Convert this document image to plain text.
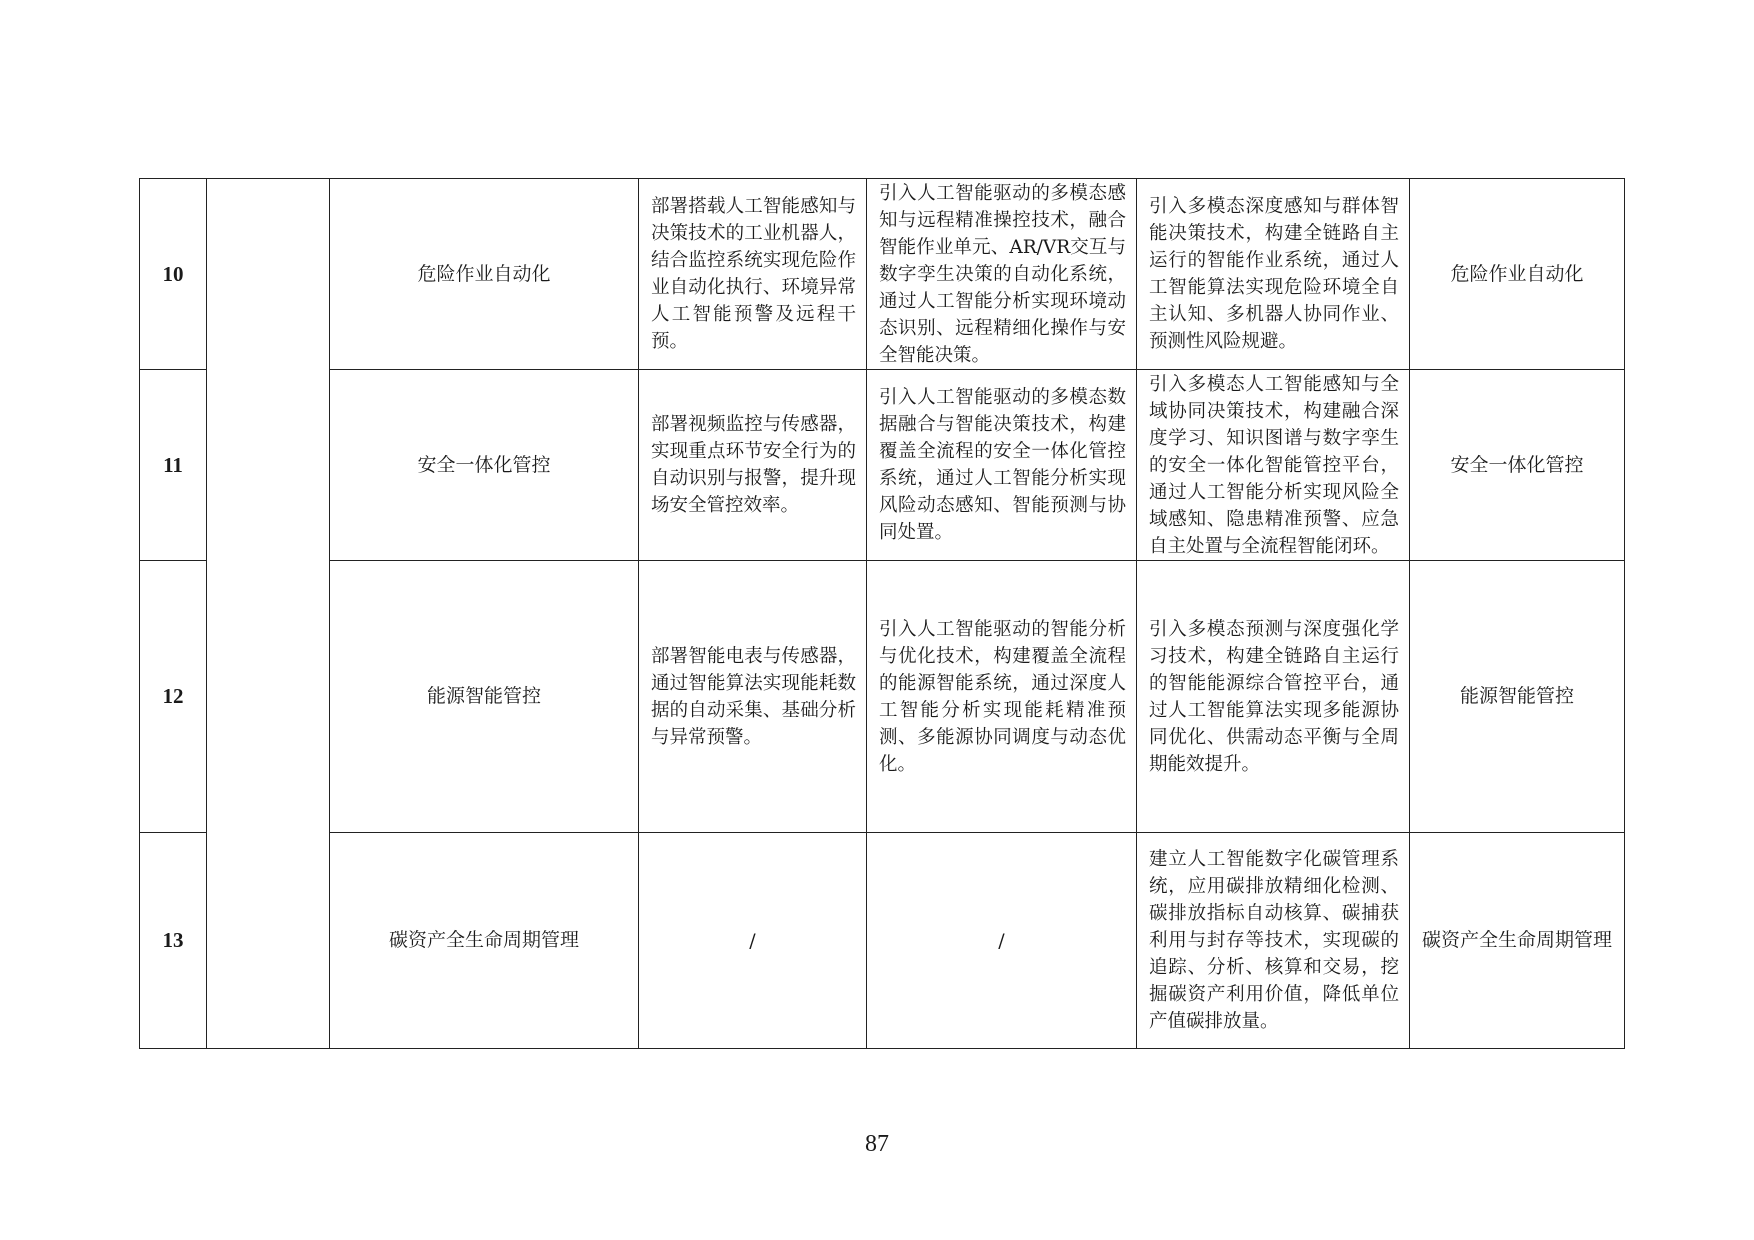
10		危险作业自动化	部署搭载人工智能感知与决策技术的工业机器人，结合监控系统实现危险作业自动化执行、环境异常人工智能预警及远程干预。	引入人工智能驱动的多模态感知与远程精准操控技术，融合智能作业单元、AR/VR交互与数字孪生决策的自动化系统，通过人工智能分析实现环境动态识别、远程精细化操作与安全智能决策。	引入多模态深度感知与群体智能决策技术，构建全链路自主运行的智能作业系统，通过人工智能算法实现危险环境全自主认知、多机器人协同作业、预测性风险规避。	危险作业自动化
11		安全一体化管控	部署视频监控与传感器，实现重点环节安全行为的自动识别与报警，提升现场安全管控效率。	引入人工智能驱动的多模态数据融合与智能决策技术，构建覆盖全流程的安全一体化管控系统，通过人工智能分析实现风险动态感知、智能预测与协同处置。	引入多模态人工智能感知与全域协同决策技术，构建融合深度学习、知识图谱与数字孪生的安全一体化智能管控平台，通过人工智能分析实现风险全域感知、隐患精准预警、应急自主处置与全流程智能闭环。	安全一体化管控
12		能源智能管控	部署智能电表与传感器，通过智能算法实现能耗数据的自动采集、基础分析与异常预警。	引入人工智能驱动的智能分析与优化技术，构建覆盖全流程的能源智能系统，通过深度人工智能分析实现能耗精准预测、多能源协同调度与动态优化。	引入多模态预测与深度强化学习技术，构建全链路自主运行的智能能源综合管控平台，通过人工智能算法实现多能源协同优化、供需动态平衡与全周期能效提升。	能源智能管控
13		碳资产全生命周期管理	/	/	建立人工智能数字化碳管理系统，应用碳排放精细化检测、碳排放指标自动核算、碳捕获利用与封存等技术，实现碳的追踪、分析、核算和交易，挖掘碳资产利用价值，降低单位产值碳排放量。	碳资产全生命周期管理
87
